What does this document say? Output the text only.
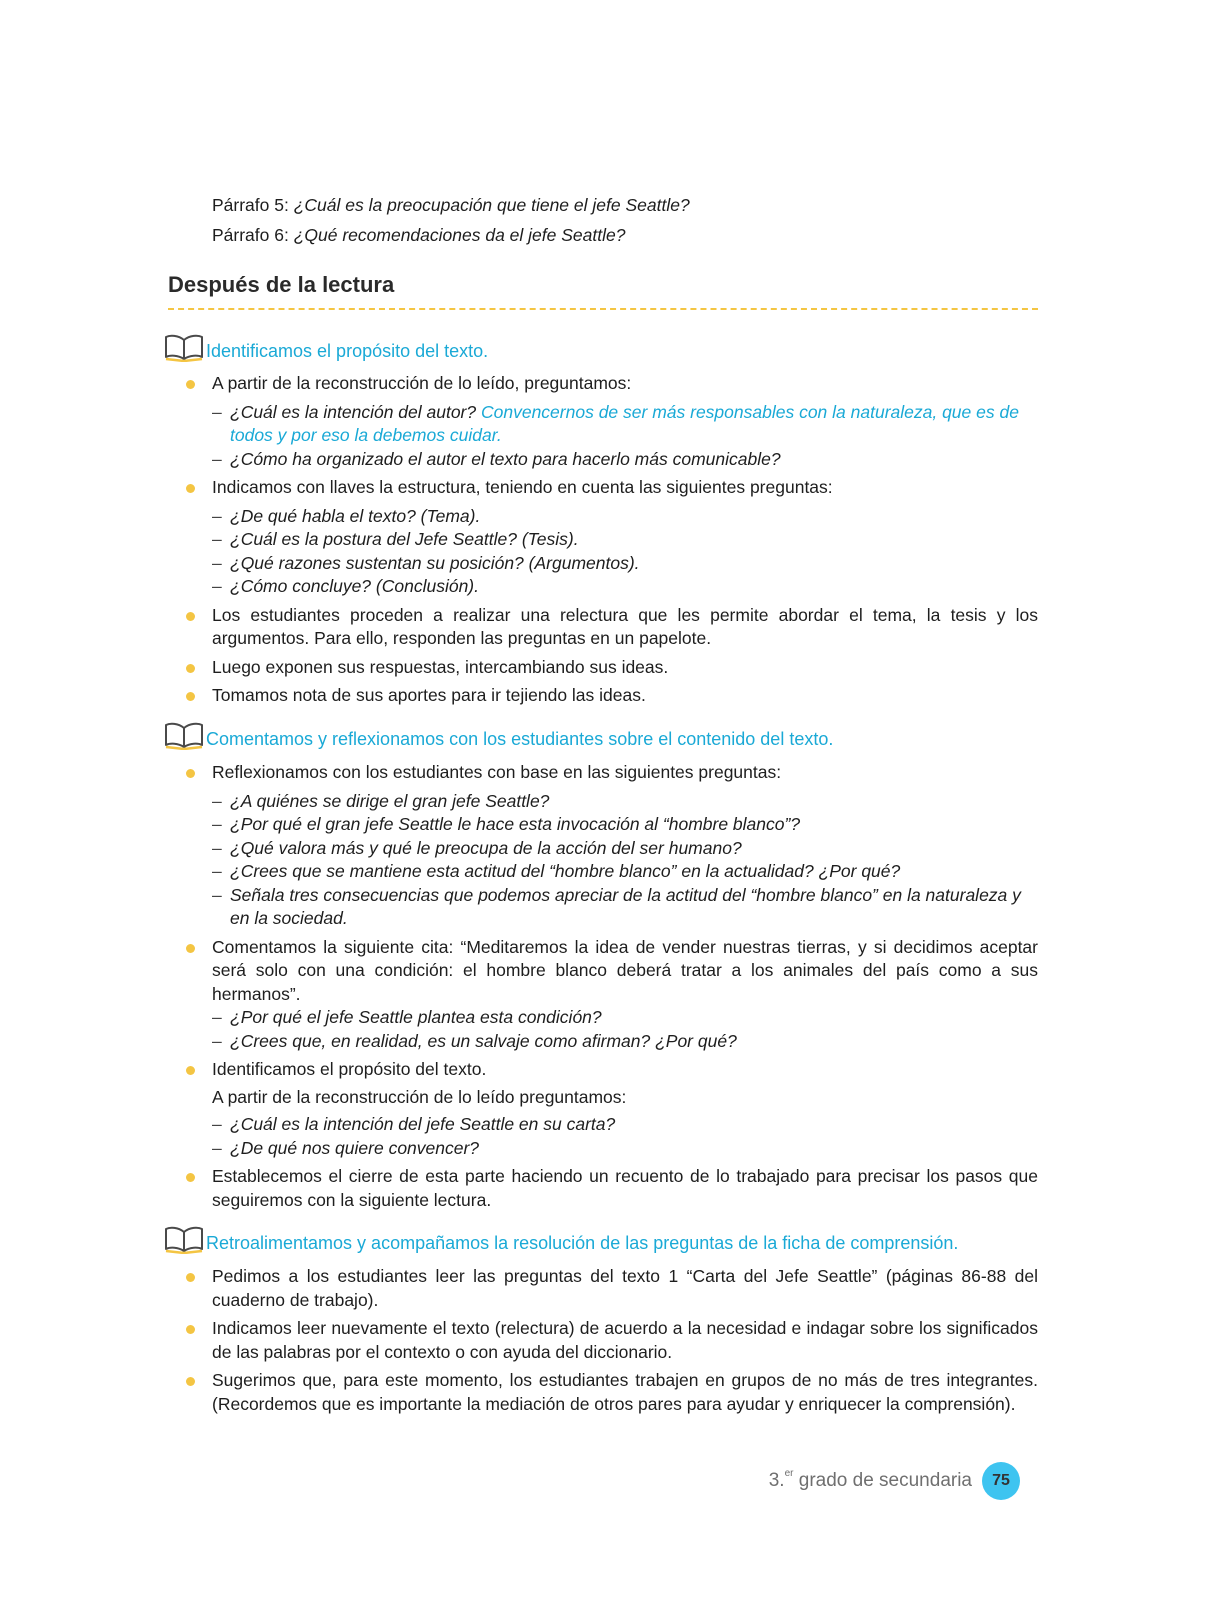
Párrafo 5: ¿Cuál es la preocupación que tiene el jefe Seattle?
Párrafo 6: ¿Qué recomendaciones da el jefe Seattle?
Después de la lectura
Identificamos el propósito del texto.
A partir de la reconstrucción de lo leído, preguntamos:
– ¿Cuál es la intención del autor? Convencernos de ser más responsables con la naturaleza, que es de todos y por eso la debemos cuidar.
– ¿Cómo ha organizado el autor el texto para hacerlo más comunicable?
Indicamos con llaves la estructura, teniendo en cuenta las siguientes preguntas:
– ¿De qué habla el texto? (Tema).
– ¿Cuál es la postura del Jefe Seattle? (Tesis).
– ¿Qué razones sustentan su posición? (Argumentos).
– ¿Cómo concluye? (Conclusión).
Los estudiantes proceden a realizar una relectura que les permite abordar el tema, la tesis y los argumentos. Para ello, responden las preguntas en un papelote.
Luego exponen sus respuestas, intercambiando sus ideas.
Tomamos nota de sus aportes para ir tejiendo las ideas.
Comentamos y reflexionamos con los estudiantes sobre el contenido del texto.
Reflexionamos con los estudiantes con base en las siguientes preguntas:
– ¿A quiénes se dirige el gran jefe Seattle?
– ¿Por qué el gran jefe Seattle le hace esta invocación al “hombre blanco”?
– ¿Qué valora más y qué le preocupa de la acción del ser humano?
– ¿Crees que se mantiene esta actitud del “hombre blanco” en la actualidad? ¿Por qué?
– Señala tres consecuencias que podemos apreciar de la actitud del “hombre blanco” en la naturaleza y en la sociedad.
Comentamos la siguiente cita: “Meditaremos la idea de vender nuestras tierras, y si decidimos aceptar será solo con una condición: el hombre blanco deberá tratar a los animales del país como a sus hermanos”.
– ¿Por qué el jefe Seattle plantea esta condición?
– ¿Crees que, en realidad, es un salvaje como afirman? ¿Por qué?
Identificamos el propósito del texto.
A partir de la reconstrucción de lo leído preguntamos:
– ¿Cuál es la intención del jefe Seattle en su carta?
– ¿De qué nos quiere convencer?
Establecemos el cierre de esta parte haciendo un recuento de lo trabajado para precisar los pasos que seguiremos con la siguiente lectura.
Retroalimentamos y acompañamos la resolución de las preguntas de la ficha de comprensión.
Pedimos a los estudiantes leer las preguntas del texto 1 “Carta del Jefe Seattle” (páginas 86-88 del cuaderno de trabajo).
Indicamos leer nuevamente el texto (relectura) de acuerdo a la necesidad e indagar sobre los significados de las palabras por el contexto o con ayuda del diccionario.
Sugerimos que, para este momento, los estudiantes trabajen en grupos de no más de tres integrantes. (Recordemos que es importante la mediación de otros pares para ayudar y enriquecer la comprensión).
3.$^{er}$ grado de secundaria	75
